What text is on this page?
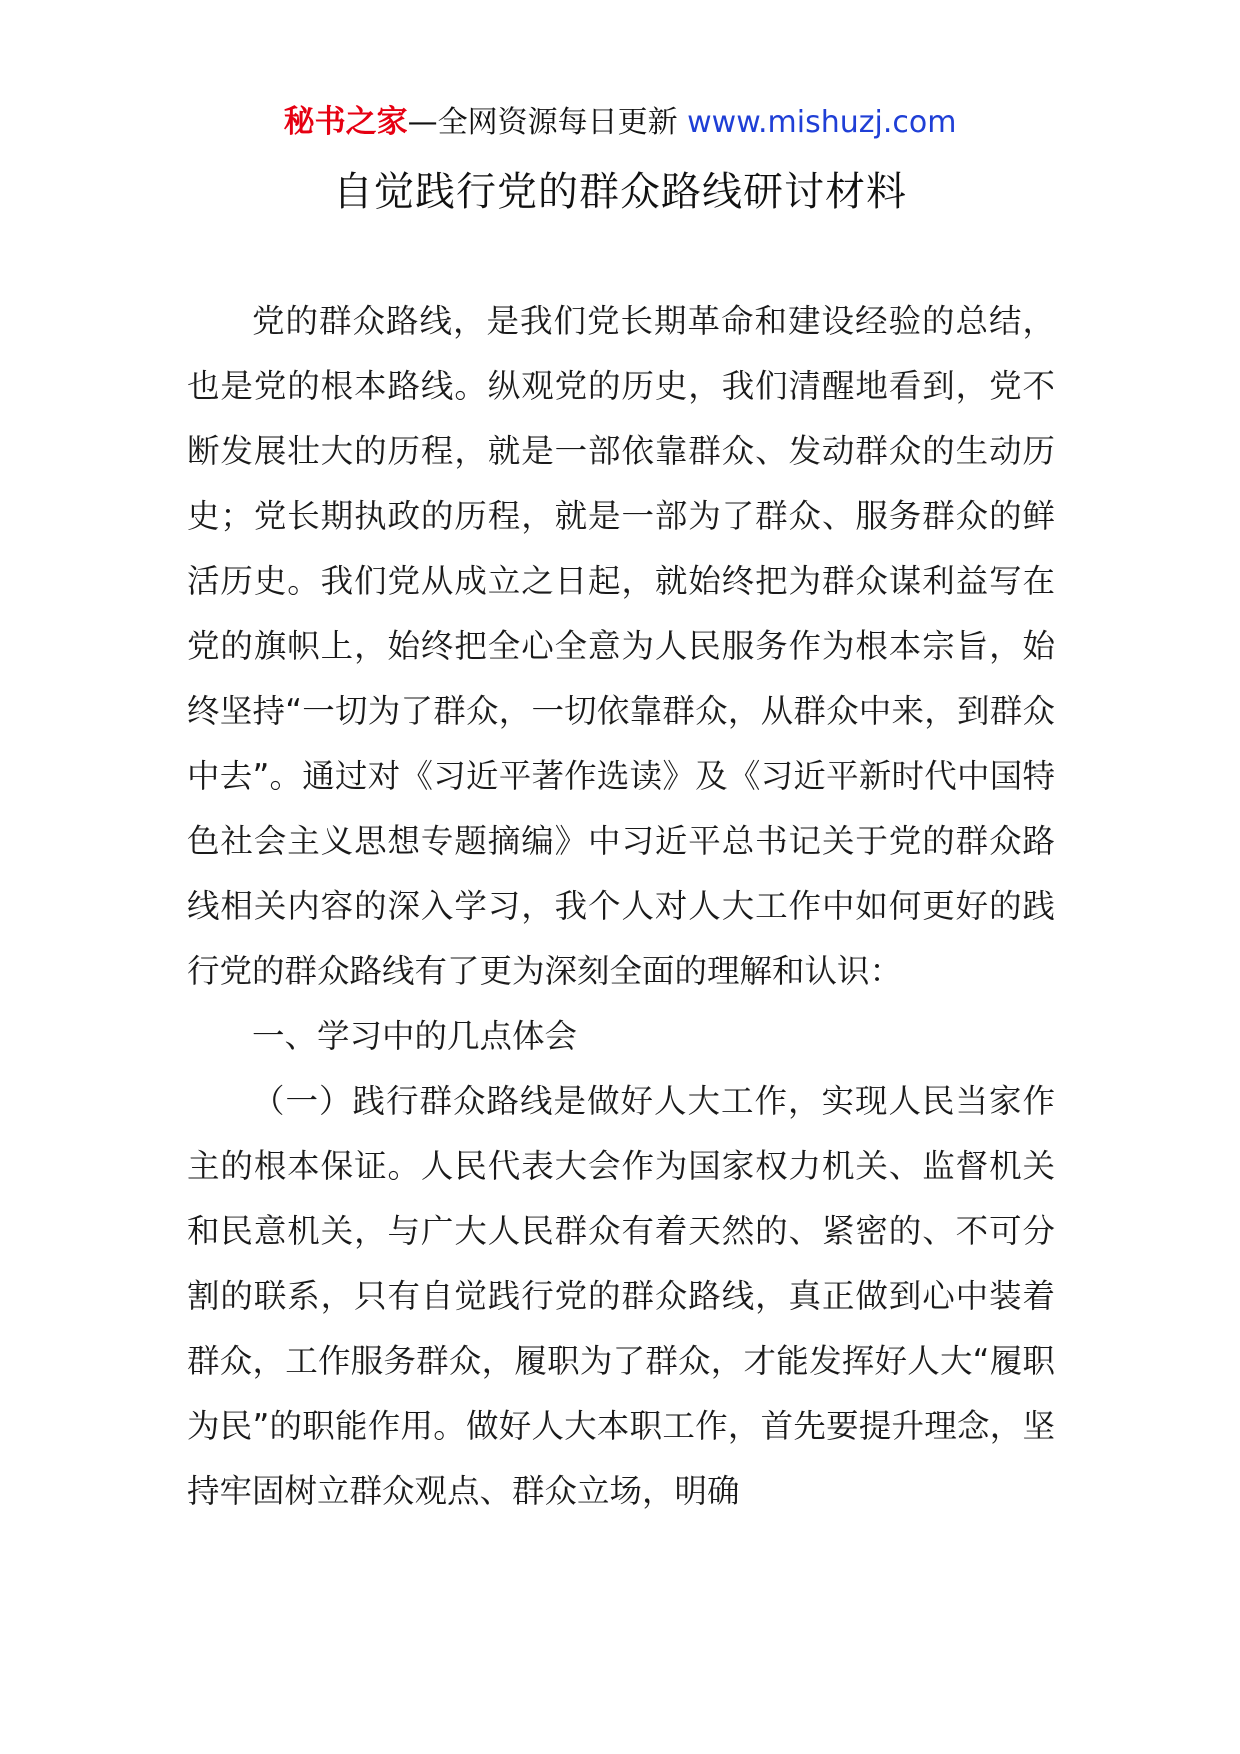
秘书之家—全网资源每日更新 www.mishuzj.com
自觉践行党的群众路线研讨材料

党的群众路线，是我们党长期革命和建设经验的总结，也是党的根本路线。纵观党的历史，我们清醒地看到，党不断发展壮大的历程，就是一部依靠群众、发动群众的生动历史；党长期执政的历程，就是一部为了群众、服务群众的鲜活历史。我们党从成立之日起，就始终把为群众谋利益写在党的旗帜上，始终把全心全意为人民服务作为根本宗旨，始终坚持“一切为了群众，一切依靠群众，从群众中来，到群众中去”。通过对《习近平著作选读》及《习近平新时代中国特色社会主义思想专题摘编》中习近平总书记关于党的群众路线相关内容的深入学习，我个人对人大工作中如何更好的践行党的群众路线有了更为深刻全面的理解和认识：

一、学习中的几点体会

（一）践行群众路线是做好人大工作，实现人民当家作主的根本保证。人民代表大会作为国家权力机关、监督机关和民意机关，与广大人民群众有着天然的、紧密的、不可分割的联系，只有自觉践行党的群众路线，真正做到心中装着群众，工作服务群众，履职为了群众，才能发挥好人大“履职为民”的职能作用。做好人大本职工作，首先要提升理念，坚持牢固树立群众观点、群众立场，明确
